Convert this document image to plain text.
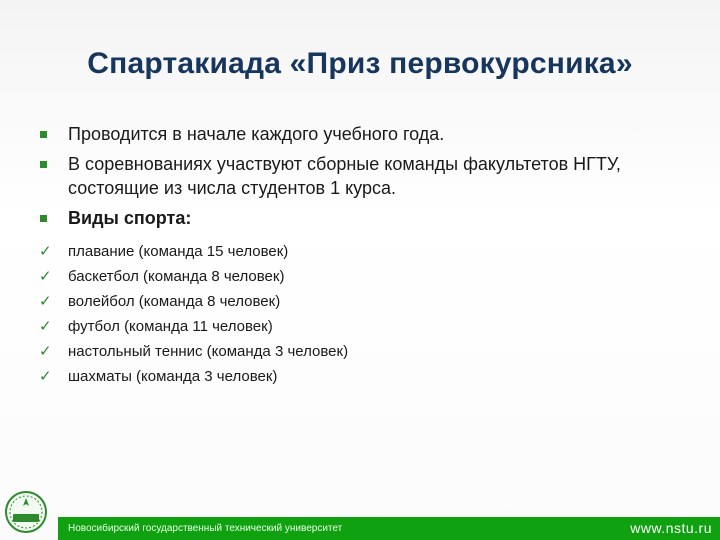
Спартакиада «Приз первокурсника»
Проводится в начале каждого учебного года.
В соревнованиях участвуют сборные команды факультетов НГТУ, состоящие из числа студентов 1 курса.
Виды спорта:
✓ плавание (команда 15 человек)
✓ баскетбол (команда 8 человек)
✓ волейбол (команда 8 человек)
✓ футбол (команда 11 человек)
✓ настольный теннис (команда 3 человек)
✓ шахматы (команда 3 человек)
Новосибирский государственный технический университет	www.nstu.ru
